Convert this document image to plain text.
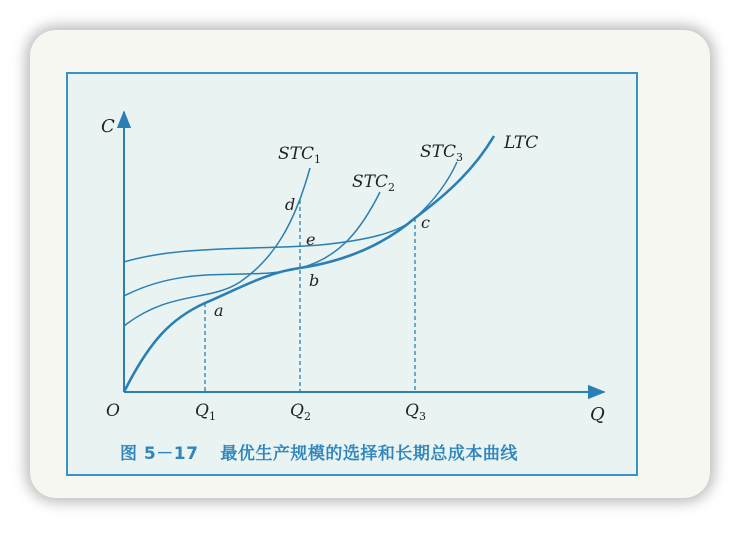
C
Q
O	$Q_1$	$Q_2$	$Q_3$
$STC_1$
$STC_2$
$STC_3$
LTC
a
b
c
d
e
图 5－17 最优生产规模的选择和长期总成本曲线
